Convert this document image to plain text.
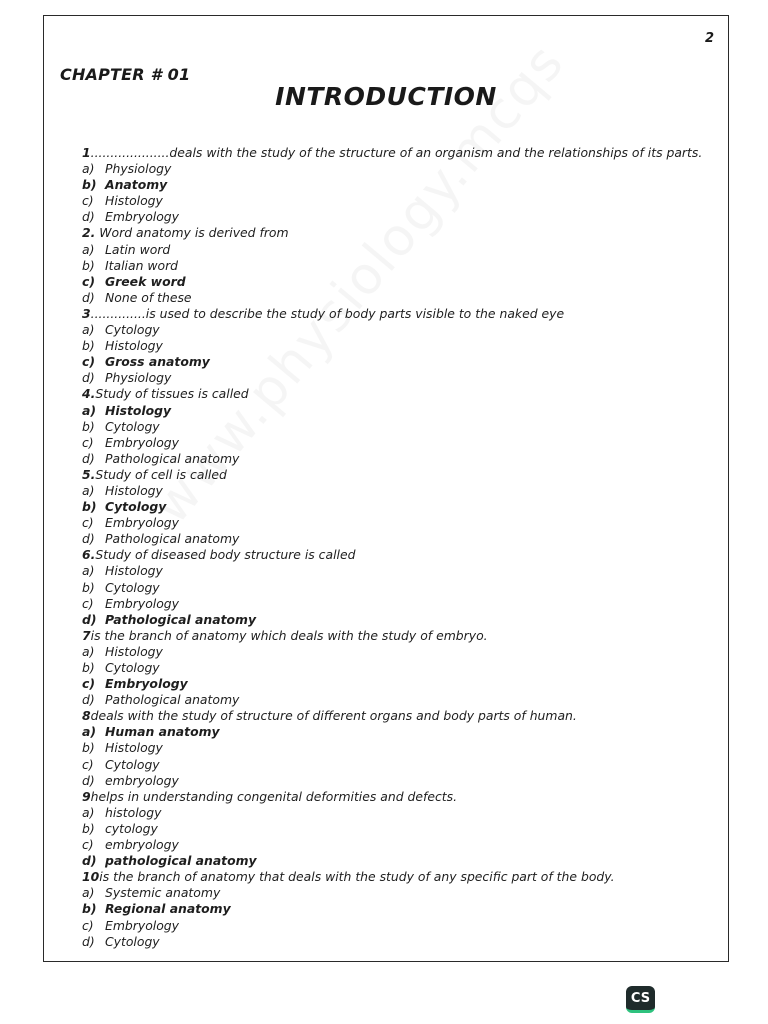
2
CHAPTER # 01
INTRODUCTION
1....................deals with the study of the structure of an organism and the relationships of its parts.
a) Physiology
b) Anatomy
c) Histology
d) Embryology
2. Word anatomy is derived from
a) Latin word
b) Italian word
c) Greek word
d) None of these
3..............is used to describe the study of body parts visible to the naked eye
a) Cytology
b) Histology
c) Gross anatomy
d) Physiology
4.Study of tissues is called
a) Histology
b) Cytology
c) Embryology
d) Pathological anatomy
5.Study of cell is called
a) Histology
b) Cytology
c) Embryology
d) Pathological anatomy
6.Study of diseased body structure is called
a) Histology
b) Cytology
c) Embryology
d) Pathological anatomy
7is the branch of anatomy which deals with the study of embryo.
a) Histology
b) Cytology
c) Embryology
d) Pathological anatomy
8deals with the study of structure of different organs and body parts of human.
a) Human anatomy
b) Histology
c) Cytology
d) embryology
9helps in understanding congenital deformities and defects.
a) histology
b) cytology
c) embryology
d) pathological anatomy
10is the branch of anatomy that deals with the study of any specific part of the body.
a) Systemic anatomy
b) Regional anatomy
c) Embryology
d) Cytology
CS
